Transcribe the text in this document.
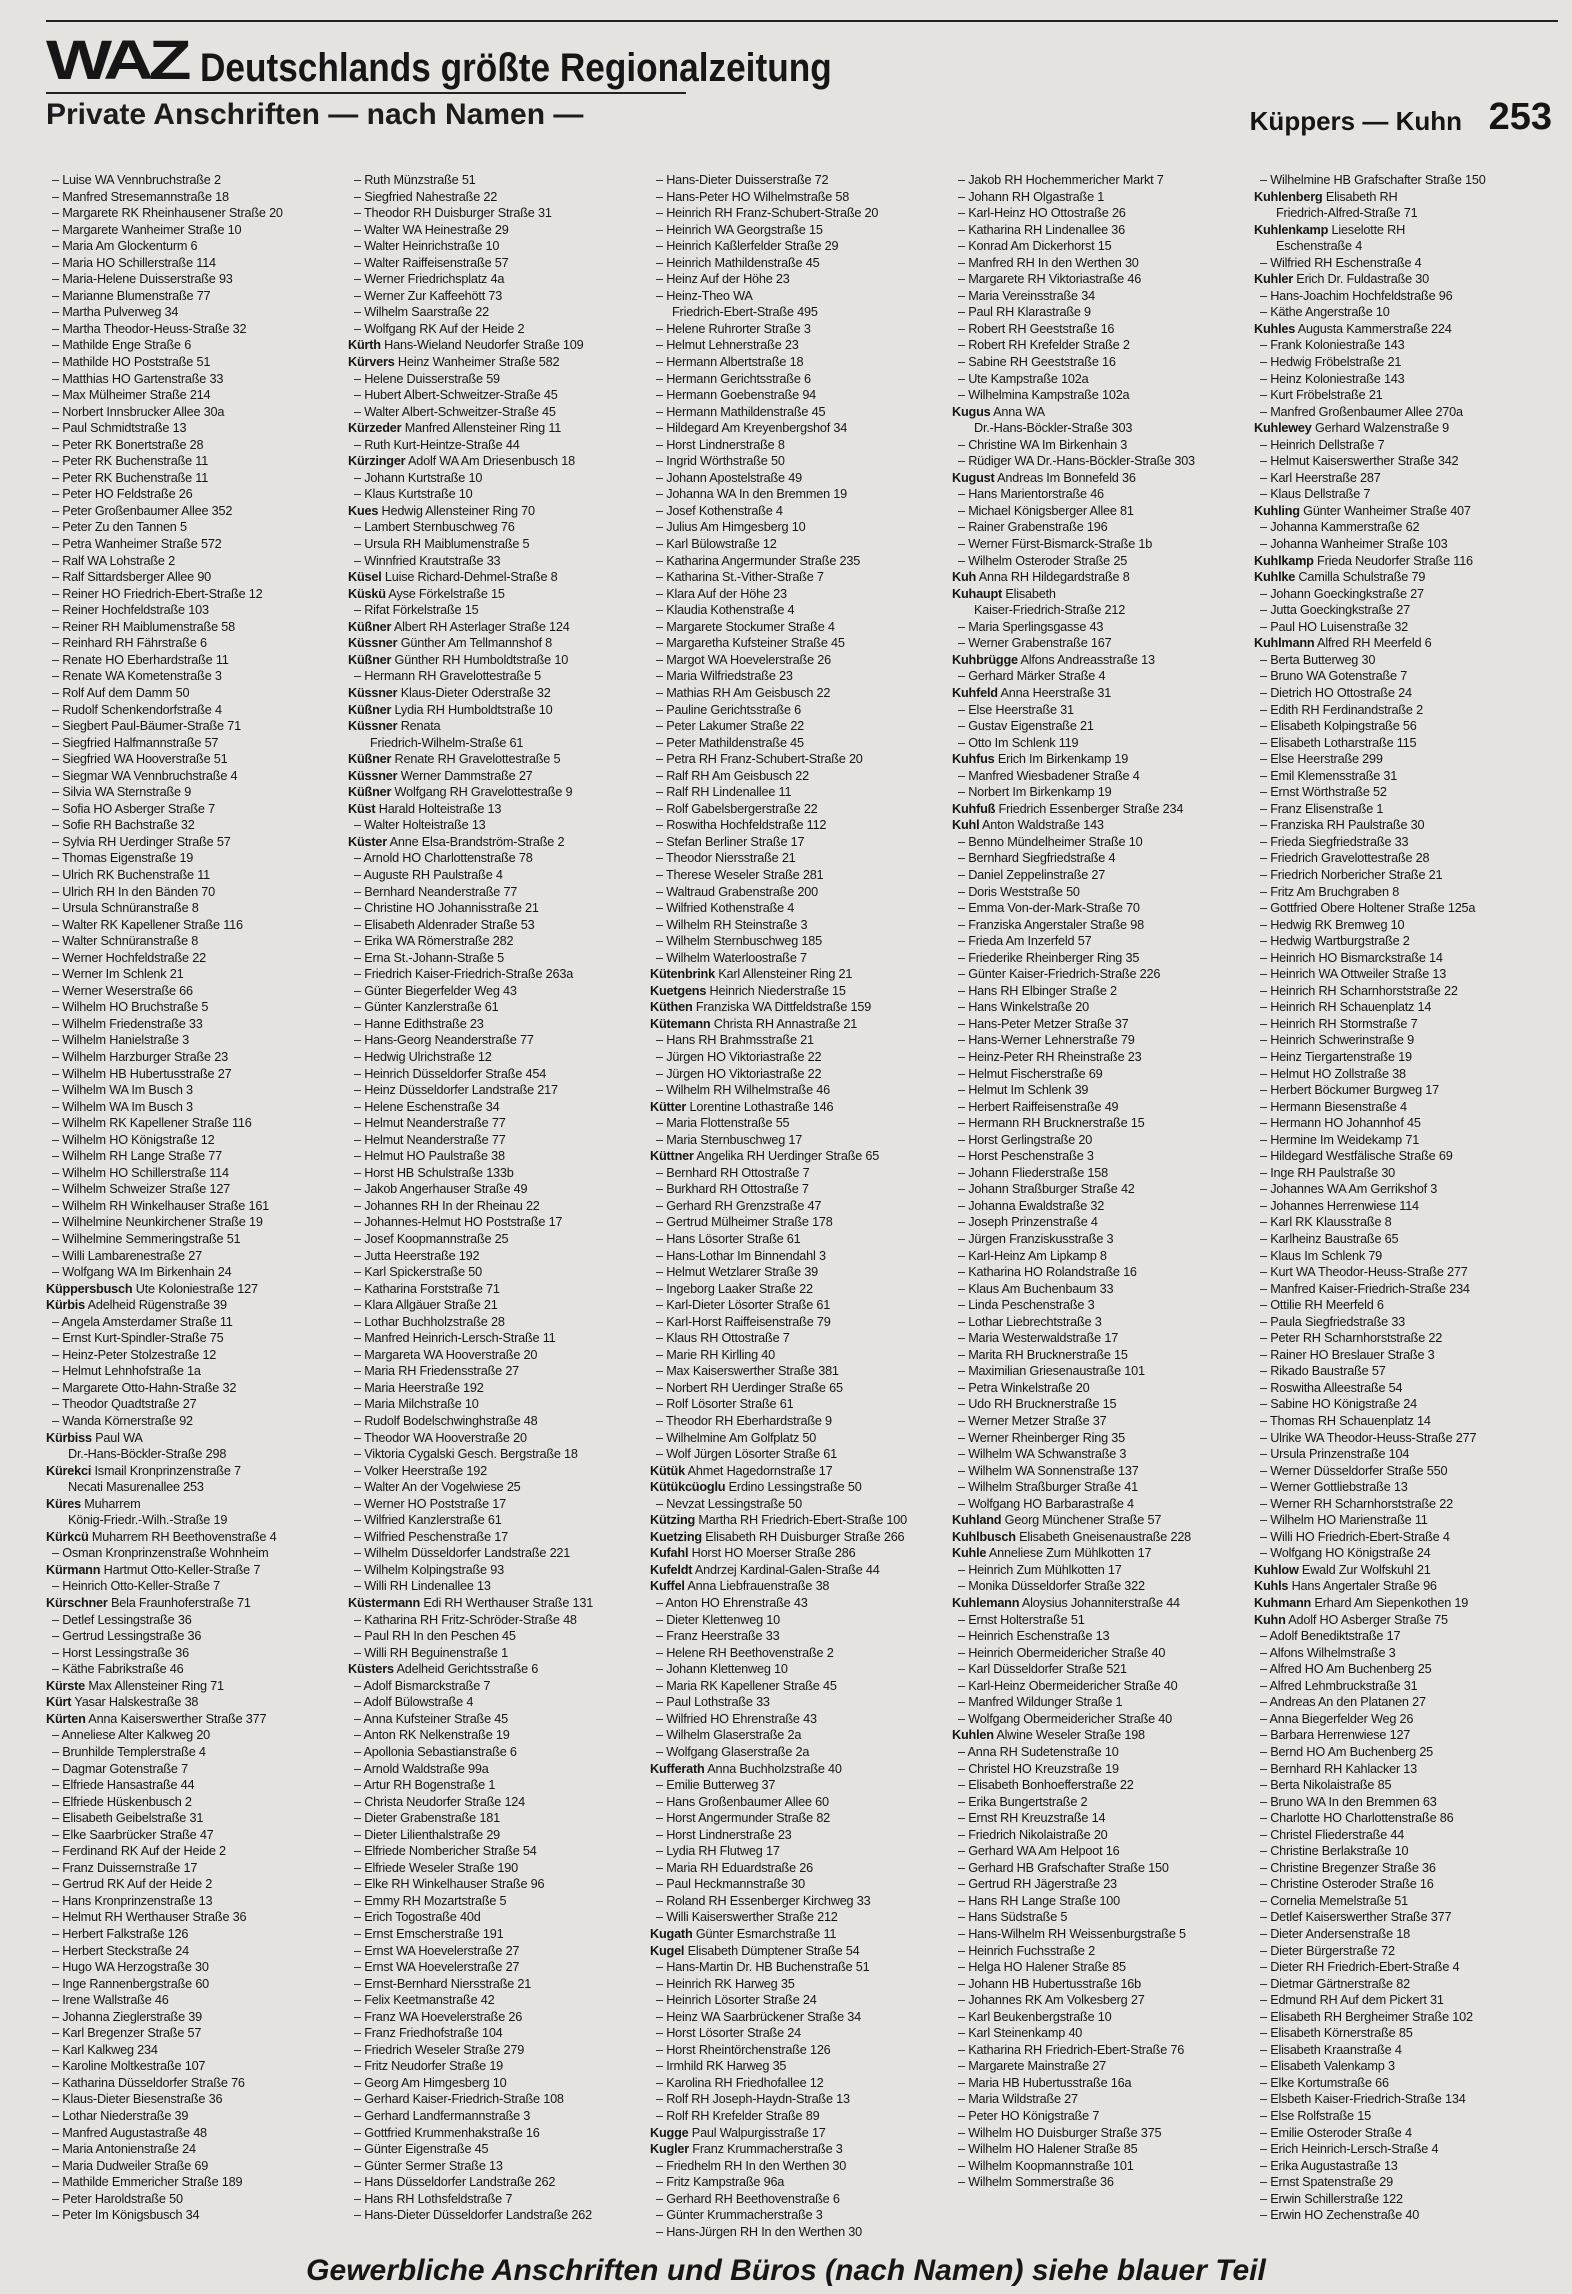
WAZ Deutschlands größte Regionalzeitung
Private Anschriften — nach Namen —	Küppers — Kuhn 253
– Luise WA Vennbruchstraße 2
– Manfred Stresemannstraße 18
– Margarete RK Rheinhausener Straße 20
– Margarete Wanheimer Straße 10
– Maria Am Glockenturm 6
– Maria HO Schillerstraße 114
– Maria-Helene Duisserstraße 93
– Marianne Blumenstraße 77
– Martha Pulverweg 34
– Martha Theodor-Heuss-Straße 32
– Mathilde Enge Straße 6
– Mathilde HO Poststraße 51
– Matthias HO Gartenstraße 33
– Max Mülheimer Straße 214
– Norbert Innsbrucker Allee 30a
– Paul Schmidtstraße 13
– Peter RK Bonertstraße 28
– Peter RK Buchenstraße 11
– Peter RK Buchenstraße 11
– Peter HO Feldstraße 26
– Peter Großenbaumer Allee 352
– Peter Zu den Tannen 5
– Petra Wanheimer Straße 572
– Ralf WA Lohstraße 2
– Ralf Sittardsberger Allee 90
– Reiner HO Friedrich-Ebert-Straße 12
– Reiner Hochfeldstraße 103
– Reiner RH Maiblumenstraße 58
– Reinhard RH Fährstraße 6
– Renate HO Eberhardstraße 11
– Renate WA Kometenstraße 3
– Rolf Auf dem Damm 50
– Rudolf Schenkendorfstraße 4
– Siegbert Paul-Bäumer-Straße 71
– Siegfried Halfmannstraße 57
– Siegfried WA Hooverstraße 51
– Siegmar WA Vennbruchstraße 4
– Silvia WA Sternstraße 9
– Sofia HO Asberger Straße 7
– Sofie RH Bachstraße 32
– Sylvia RH Uerdinger Straße 57
– Thomas Eigenstraße 19
– Ulrich RK Buchenstraße 11
– Ulrich RH In den Bänden 70
– Ursula Schnüranstraße 8
– Walter RK Kapellener Straße 116
– Walter Schnüranstraße 8
– Werner Hochfeldstraße 22
– Werner Im Schlenk 21
– Werner Weserstraße 66
– Wilhelm HO Bruchstraße 5
– Wilhelm Friedenstraße 33
– Wilhelm Hanielstraße 3
– Wilhelm Harzburger Straße 23
– Wilhelm HB Hubertusstraße 27
– Wilhelm WA Im Busch 3
– Wilhelm WA Im Busch 3
– Wilhelm RK Kapellener Straße 116
– Wilhelm HO Königstraße 12
– Wilhelm RH Lange Straße 77
– Wilhelm HO Schillerstraße 114
– Wilhelm Schweizer Straße 127
– Wilhelm RH Winkelhauser Straße 161
– Wilhelmine Neunkirchener Straße 19
– Wilhelmine Semmeringstraße 51
– Willi Lambarenestraße 27
– Wolfgang WA Im Birkenhain 24
Küppersbusch Ute Koloniestraße 127
Kürbis Adelheid Rügenstraße 39
– Angela Amsterdamer Straße 11
– Ernst Kurt-Spindler-Straße 75
– Heinz-Peter Stolzestraße 12
– Helmut Lehnhofstraße 1a
– Margarete Otto-Hahn-Straße 32
– Theodor Quadtstraße 27
– Wanda Körnerstraße 92
Kürbiss Paul WA
Dr.-Hans-Böckler-Straße 298
Kürekci Ismail Kronprinzenstraße 7
Necati Masurenallee 253
Küres Muharrem
König-Friedr.-Wilh.-Straße 19
Kürkcü Muharrem RH Beethovenstraße 4
– Osman Kronprinzenstraße Wohnheim
Kürmann Hartmut Otto-Keller-Straße 7
– Heinrich Otto-Keller-Straße 7
Kürschner Bela Fraunhoferstraße 71
– Detlef Lessingstraße 36
– Gertrud Lessingstraße 36
– Horst Lessingstraße 36
– Käthe Fabrikstraße 46
Kürste Max Allensteiner Ring 71
Kürt Yasar Halskestraße 38
Kürten Anna Kaiserswerther Straße 377
– Anneliese Alter Kalkweg 20
– Brunhilde Templerstraße 4
– Dagmar Gotenstraße 7
– Elfriede Hansastraße 44
– Elfriede Hüskenbusch 2
– Elisabeth Geibelstraße 31
– Elke Saarbrücker Straße 47
– Ferdinand RK Auf der Heide 2
– Franz Duissernstraße 17
– Gertrud RK Auf der Heide 2
– Hans Kronprinzenstraße 13
– Helmut RH Werthauser Straße 36
– Herbert Falkstraße 126
– Herbert Steckstraße 24
– Hugo WA Herzogstraße 30
– Inge Rannenbergstraße 60
– Irene Wallstraße 46
– Johanna Zieglerstraße 39
– Karl Bregenzer Straße 57
– Karl Kalkweg 234
– Karoline Moltkestraße 107
– Katharina Düsseldorfer Straße 76
– Klaus-Dieter Biesenstraße 36
– Lothar Niederstraße 39
– Manfred Augustastraße 48
– Maria Antonienstraße 24
– Maria Dudweiler Straße 69
– Mathilde Emmericher Straße 189
– Peter Haroldstraße 50
– Peter Im Königsbusch 34
– Ruth Münzstraße 51
– Siegfried Nahestraße 22
– Theodor RH Duisburger Straße 31
– Walter WA Heinestraße 29
– Walter Heinrichstraße 10
– Walter Raiffeisenstraße 57
– Werner Friedrichsplatz 4a
– Werner Zur Kaffeehött 73
– Wilhelm Saarstraße 22
– Wolfgang RK Auf der Heide 2
Kürth Hans-Wieland Neudorfer Straße 109
Kürvers Heinz Wanheimer Straße 582
– Helene Duisserstraße 59
– Hubert Albert-Schweitzer-Straße 45
– Walter Albert-Schweitzer-Straße 45
Kürzeder Manfred Allensteiner Ring 11
– Ruth Kurt-Heintze-Straße 44
Kürzinger Adolf WA Am Driesenbusch 18
– Johann Kurtstraße 10
– Klaus Kurtstraße 10
Kues Hedwig Allensteiner Ring 70
– Lambert Sternbuschweg 76
– Ursula RH Maiblumenstraße 5
– Winnfried Krautstraße 33
Küsel Luise Richard-Dehmel-Straße 8
Küskü Ayse Förkelstraße 15
– Rifat Förkelstraße 15
Küßner Albert RH Asterlager Straße 124
Küssner Günther Am Tellmannshof 8
Küßner Günther RH Humboldtstraße 10
– Hermann RH Gravelottestraße 5
Küssner Klaus-Dieter Oderstraße 32
Küßner Lydia RH Humboldtstraße 10
Küssner Renata
Friedrich-Wilhelm-Straße 61
Küßner Renate RH Gravelottestraße 5
Küssner Werner Dammstraße 27
Küßner Wolfgang RH Gravelottestraße 9
Küst Harald Holteistraße 13
– Walter Holteistraße 13
Küster Anne Elsa-Brandström-Straße 2
– Arnold HO Charlottenstraße 78
– Auguste RH Paulstraße 4
– Bernhard Neanderstraße 77
– Christine HO Johannisstraße 21
– Elisabeth Aldenrader Straße 53
– Erika WA Römerstraße 282
– Erna St.-Johann-Straße 5
– Friedrich Kaiser-Friedrich-Straße 263a
– Günter Biegerfelder Weg 43
– Günter Kanzlerstraße 61
– Hanne Edithstraße 23
– Hans-Georg Neanderstraße 77
– Hedwig Ulrichstraße 12
– Heinrich Düsseldorfer Straße 454
– Heinz Düsseldorfer Landstraße 217
– Helene Eschenstraße 34
– Helmut Neanderstraße 77
– Helmut Neanderstraße 77
– Helmut HO Paulstraße 38
– Horst HB Schulstraße 133b
– Jakob Angerhauser Straße 49
– Johannes RH In der Rheinau 22
– Johannes-Helmut HO Poststraße 17
– Josef Koopmannstraße 25
– Jutta Heerstraße 192
– Karl Spickerstraße 50
– Katharina Forststraße 71
– Klara Allgäuer Straße 21
– Lothar Buchholzstraße 28
– Manfred Heinrich-Lersch-Straße 11
– Margareta WA Hooverstraße 20
– Maria RH Friedensstraße 27
– Maria Heerstraße 192
– Maria Milchstraße 10
– Rudolf Bodelschwinghstraße 48
– Theodor WA Hooverstraße 20
– Viktoria Cygalski Gesch. Bergstraße 18
– Volker Heerstraße 192
– Walter An der Vogelwiese 25
– Werner HO Poststraße 17
– Wilfried Kanzlerstraße 61
– Wilfried Peschenstraße 17
– Wilhelm Düsseldorfer Landstraße 221
– Wilhelm Kolpingstraße 93
– Willi RH Lindenallee 13
Küstermann Edi RH Werthauser Straße 131
– Katharina RH Fritz-Schröder-Straße 48
– Paul RH In den Peschen 45
– Willi RH Beguinenstraße 1
Küsters Adelheid Gerichtsstraße 6
– Adolf Bismarckstraße 7
– Adolf Bülowstraße 4
– Anna Kufsteiner Straße 45
– Anton RK Nelkenstraße 19
– Apollonia Sebastianstraße 6
– Arnold Waldstraße 99a
– Artur RH Bogenstraße 1
– Christa Neudorfer Straße 124
– Dieter Grabenstraße 181
– Dieter Lilienthalstraße 29
– Elfriede Nombericher Straße 54
– Elfriede Weseler Straße 190
– Elke RH Winkelhauser Straße 96
– Emmy RH Mozartstraße 5
– Erich Togostraße 40d
– Ernst Emscherstraße 191
– Ernst WA Hoevelerstraße 27
– Ernst WA Hoevelerstraße 27
– Ernst-Bernhard Niersstraße 21
– Felix Keetmanstraße 42
– Franz WA Hoevelerstraße 26
– Franz Friedhofstraße 104
– Friedrich Weseler Straße 279
– Fritz Neudorfer Straße 19
– Georg Am Himgesberg 10
– Gerhard Kaiser-Friedrich-Straße 108
– Gerhard Landfermannstraße 3
– Gottfried Krummenhakstraße 16
– Günter Eigenstraße 45
– Günter Sermer Straße 13
– Hans Düsseldorfer Landstraße 262
– Hans RH Lothsfeldstraße 7
– Hans-Dieter Düsseldorfer Landstraße 262
– Hans-Dieter Duisserstraße 72
– Hans-Peter HO Wilhelmstraße 58
– Heinrich RH Franz-Schubert-Straße 20
– Heinrich WA Georgstraße 15
– Heinrich Kaßlerfelder Straße 29
– Heinrich Mathildenstraße 45
– Heinz Auf der Höhe 23
– Heinz-Theo WA
Friedrich-Ebert-Straße 495
– Helene Ruhrorter Straße 3
– Helmut Lehnerstraße 23
– Hermann Albertstraße 18
– Hermann Gerichtsstraße 6
– Hermann Goebenstraße 94
– Hermann Mathildenstraße 45
– Hildegard Am Kreyenbergshof 34
– Horst Lindnerstraße 8
– Ingrid Wörthstraße 50
– Johann Apostelstraße 49
– Johanna WA In den Bremmen 19
– Josef Kothenstraße 4
– Julius Am Himgesberg 10
– Karl Bülowstraße 12
– Katharina Angermunder Straße 235
– Katharina St.-Vither-Straße 7
– Klara Auf der Höhe 23
– Klaudia Kothenstraße 4
– Margarete Stockumer Straße 4
– Margaretha Kufsteiner Straße 45
– Margot WA Hoevelerstraße 26
– Maria Wilfriedstraße 23
– Mathias RH Am Geisbusch 22
– Pauline Gerichtsstraße 6
– Peter Lakumer Straße 22
– Peter Mathildenstraße 45
– Petra RH Franz-Schubert-Straße 20
– Ralf RH Am Geisbusch 22
– Ralf RH Lindenallee 11
– Rolf Gabelsbergerstraße 22
– Roswitha Hochfeldstraße 112
– Stefan Berliner Straße 17
– Theodor Niersstraße 21
– Therese Weseler Straße 281
– Waltraud Grabenstraße 200
– Wilfried Kothenstraße 4
– Wilhelm RH Steinstraße 3
– Wilhelm Sternbuschweg 185
– Wilhelm Waterloostraße 7
Kütenbrink Karl Allensteiner Ring 21
Kuetgens Heinrich Niederstraße 15
Küthen Franziska WA Dittfeldstraße 159
Kütemann Christa RH Annastraße 21
– Hans RH Brahmsstraße 21
– Jürgen HO Viktoriastraße 22
– Jürgen HO Viktoriastraße 22
– Wilhelm RH Wilhelmstraße 46
Kütter Lorentine Lothastraße 146
– Maria Flottenstraße 55
– Maria Sternbuschweg 17
Küttner Angelika RH Uerdinger Straße 65
– Bernhard RH Ottostraße 7
– Burkhard RH Ottostraße 7
– Gerhard RH Grenzstraße 47
– Gertrud Mülheimer Straße 178
– Hans Lösorter Straße 61
– Hans-Lothar Im Binnendahl 3
– Helmut Wetzlarer Straße 39
– Ingeborg Laaker Straße 22
– Karl-Dieter Lösorter Straße 61
– Karl-Horst Raiffeisenstraße 79
– Klaus RH Ottostraße 7
– Marie RH Kirlling 40
– Max Kaiserswerther Straße 381
– Norbert RH Uerdinger Straße 65
– Rolf Lösorter Straße 61
– Theodor RH Eberhardstraße 9
– Wilhelmine Am Golfplatz 50
– Wolf Jürgen Lösorter Straße 61
Kütük Ahmet Hagedornstraße 17
Kütükcüoglu Erdino Lessingstraße 50
– Nevzat Lessingstraße 50
Kützing Martha RH Friedrich-Ebert-Straße 100
Kuetzing Elisabeth RH Duisburger Straße 266
Kufahl Horst HO Moerser Straße 286
Kufeldt Andrzej Kardinal-Galen-Straße 44
Kuffel Anna Liebfrauenstraße 38
– Anton HO Ehrenstraße 43
– Dieter Klettenweg 10
– Franz Heerstraße 33
– Helene RH Beethovenstraße 2
– Johann Klettenweg 10
– Maria RK Kapellener Straße 45
– Paul Lothstraße 33
– Wilfried HO Ehrenstraße 43
– Wilhelm Glaserstraße 2a
– Wolfgang Glaserstraße 2a
Kufferath Anna Buchholzstraße 40
– Emilie Butterweg 37
– Hans Großenbaumer Allee 60
– Horst Angermunder Straße 82
– Horst Lindnerstraße 23
– Lydia RH Flutweg 17
– Maria RH Eduardstraße 26
– Paul Heckmannstraße 30
– Roland RH Essenberger Kirchweg 33
– Willi Kaiserswerther Straße 212
Kugath Günter Esmarchstraße 11
Kugel Elisabeth Dümptener Straße 54
– Hans-Martin Dr. HB Buchenstraße 51
– Heinrich RK Harweg 35
– Heinrich Lösorter Straße 24
– Heinz WA Saarbrückener Straße 34
– Horst Lösorter Straße 24
– Horst Rheintörchenstraße 126
– Irmhild RK Harweg 35
– Karolina RH Friedhofallee 12
– Rolf RH Joseph-Haydn-Straße 13
– Rolf RH Krefelder Straße 89
Kugge Paul Walpurgisstraße 17
Kugler Franz Krummacherstraße 3
– Friedhelm RH In den Werthen 30
– Fritz Kampstraße 96a
– Gerhard RH Beethovenstraße 6
– Günter Krummacherstraße 3
– Hans-Jürgen RH In den Werthen 30
– Jakob RH Hochemmericher Markt 7
– Johann RH Olgastraße 1
– Karl-Heinz HO Ottostraße 26
– Katharina RH Lindenallee 36
– Konrad Am Dickerhorst 15
– Manfred RH In den Werthen 30
– Margarete RH Viktoriastraße 46
– Maria Vereinsstraße 34
– Paul RH Klarastraße 9
– Robert RH Geeststraße 16
– Robert RH Krefelder Straße 2
– Sabine RH Geeststraße 16
– Ute Kampstraße 102a
– Wilhelmina Kampstraße 102a
Kugus Anna WA
Dr.-Hans-Böckler-Straße 303
– Christine WA Im Birkenhain 3
– Rüdiger WA Dr.-Hans-Böckler-Straße 303
Kugust Andreas Im Bonnefeld 36
– Hans Marientorstraße 46
– Michael Königsberger Allee 81
– Rainer Grabenstraße 196
– Werner Fürst-Bismarck-Straße 1b
– Wilhelm Osteroder Straße 25
Kuh Anna RH Hildegardstraße 8
Kuhaupt Elisabeth
Kaiser-Friedrich-Straße 212
– Maria Sperlingsgasse 43
– Werner Grabenstraße 167
Kuhbrügge Alfons Andreasstraße 13
– Gerhard Märker Straße 4
Kuhfeld Anna Heerstraße 31
– Else Heerstraße 31
– Gustav Eigenstraße 21
– Otto Im Schlenk 119
Kuhfus Erich Im Birkenkamp 19
– Manfred Wiesbadener Straße 4
– Norbert Im Birkenkamp 19
Kuhfuß Friedrich Essenberger Straße 234
Kuhl Anton Waldstraße 143
– Benno Mündelheimer Straße 10
– Bernhard Siegfriedstraße 4
– Daniel Zeppelinstraße 27
– Doris Weststraße 50
– Emma Von-der-Mark-Straße 70
– Franziska Angerstaler Straße 98
– Frieda Am Inzerfeld 57
– Friederike Rheinberger Ring 35
– Günter Kaiser-Friedrich-Straße 226
– Hans RH Elbinger Straße 2
– Hans Winkelstraße 20
– Hans-Peter Metzer Straße 37
– Hans-Werner Lehnerstraße 79
– Heinz-Peter RH Rheinstraße 23
– Helmut Fischerstraße 69
– Helmut Im Schlenk 39
– Herbert Raiffeisenstraße 49
– Hermann RH Brucknerstraße 15
– Horst Gerlingstraße 20
– Horst Peschenstraße 3
– Johann Fliederstraße 158
– Johann Straßburger Straße 42
– Johanna Ewaldstraße 32
– Joseph Prinzenstraße 4
– Jürgen Franziskusstraße 3
– Karl-Heinz Am Lipkamp 8
– Katharina HO Rolandstraße 16
– Klaus Am Buchenbaum 33
– Linda Peschenstraße 3
– Lothar Liebrechtstraße 3
– Maria Westerwaldstraße 17
– Marita RH Brucknerstraße 15
– Maximilian Griesenaustraße 101
– Petra Winkelstraße 20
– Udo RH Brucknerstraße 15
– Werner Metzer Straße 37
– Werner Rheinberger Ring 35
– Wilhelm WA Schwanstraße 3
– Wilhelm WA Sonnenstraße 137
– Wilhelm Straßburger Straße 41
– Wolfgang HO Barbarastraße 4
Kuhland Georg Münchener Straße 57
Kuhlbusch Elisabeth Gneisenaustraße 228
Kuhle Anneliese Zum Mühlkotten 17
– Heinrich Zum Mühlkotten 17
– Monika Düsseldorfer Straße 322
Kuhlemann Aloysius Johanniterstraße 44
– Ernst Holterstraße 51
– Heinrich Eschenstraße 13
– Heinrich Obermeidericher Straße 40
– Karl Düsseldorfer Straße 521
– Karl-Heinz Obermeidericher Straße 40
– Manfred Wildunger Straße 1
– Wolfgang Obermeidericher Straße 40
Kuhlen Alwine Weseler Straße 198
– Anna RH Sudetenstraße 10
– Christel HO Kreuzstraße 19
– Elisabeth Bonhoefferstraße 22
– Erika Bungertstraße 2
– Ernst RH Kreuzstraße 14
– Friedrich Nikolaistraße 20
– Gerhard WA Am Helpoot 16
– Gerhard HB Grafschafter Straße 150
– Gertrud RH Jägerstraße 23
– Hans RH Lange Straße 100
– Hans Südstraße 5
– Hans-Wilhelm RH Weissenburgstraße 5
– Heinrich Fuchsstraße 2
– Helga HO Halener Straße 85
– Johann HB Hubertusstraße 16b
– Johannes RK Am Volkesberg 27
– Karl Beukenbergstraße 10
– Karl Steinenkamp 40
– Katharina RH Friedrich-Ebert-Straße 76
– Margarete Mainstraße 27
– Maria HB Hubertusstraße 16a
– Maria Wildstraße 27
– Peter HO Königstraße 7
– Wilhelm HO Duisburger Straße 375
– Wilhelm HO Halener Straße 85
– Wilhelm Koopmannstraße 101
– Wilhelm Sommerstraße 36
– Wilhelmine HB Grafschafter Straße 150
Kuhlenberg Elisabeth RH
Friedrich-Alfred-Straße 71
Kuhlenkamp Lieselotte RH
Eschenstraße 4
– Wilfried RH Eschenstraße 4
Kuhler Erich Dr. Fuldastraße 30
– Hans-Joachim Hochfeldstraße 96
– Käthe Angerstraße 10
Kuhles Augusta Kammerstraße 224
– Frank Koloniestraße 143
– Hedwig Fröbelstraße 21
– Heinz Koloniestraße 143
– Kurt Fröbelstraße 21
– Manfred Großenbaumer Allee 270a
Kuhlewey Gerhard Walzenstraße 9
– Heinrich Dellstraße 7
– Helmut Kaiserswerther Straße 342
– Karl Heerstraße 287
– Klaus Dellstraße 7
Kuhling Günter Wanheimer Straße 407
– Johanna Kammerstraße 62
– Johanna Wanheimer Straße 103
Kuhlkamp Frieda Neudorfer Straße 116
Kuhlke Camilla Schulstraße 79
– Johann Goeckingkstraße 27
– Jutta Goeckingkstraße 27
– Paul HO Luisenstraße 32
Kuhlmann Alfred RH Meerfeld 6
– Berta Butterweg 30
– Bruno WA Gotenstraße 7
– Dietrich HO Ottostraße 24
– Edith RH Ferdinandstraße 2
– Elisabeth Kolpingstraße 56
– Elisabeth Lotharstraße 115
– Else Heerstraße 299
– Emil Klemensstraße 31
– Ernst Wörthstraße 52
– Franz Elisenstraße 1
– Franziska RH Paulstraße 30
– Frieda Siegfriedstraße 33
– Friedrich Gravelottestraße 28
– Friedrich Norbericher Straße 21
– Fritz Am Bruchgraben 8
– Gottfried Obere Holtener Straße 125a
– Hedwig RK Bremweg 10
– Hedwig Wartburgstraße 2
– Heinrich HO Bismarckstraße 14
– Heinrich WA Ottweiler Straße 13
– Heinrich RH Scharnhorststraße 22
– Heinrich RH Schauenplatz 14
– Heinrich RH Stormstraße 7
– Heinrich Schwerinstraße 9
– Heinz Tiergartenstraße 19
– Helmut HO Zollstraße 38
– Herbert Böckumer Burgweg 17
– Hermann Biesenstraße 4
– Hermann HO Johannhof 45
– Hermine Im Weidekamp 71
– Hildegard Westfälische Straße 69
– Inge RH Paulstraße 30
– Johannes WA Am Gerrikshof 3
– Johannes Herrenwiese 114
– Karl RK Klausstraße 8
– Karlheinz Baustraße 65
– Klaus Im Schlenk 79
– Kurt WA Theodor-Heuss-Straße 277
– Manfred Kaiser-Friedrich-Straße 234
– Ottilie RH Meerfeld 6
– Paula Siegfriedstraße 33
– Peter RH Scharnhorststraße 22
– Rainer HO Breslauer Straße 3
– Rikado Baustraße 57
– Roswitha Alleestraße 54
– Sabine HO Königstraße 24
– Thomas RH Schauenplatz 14
– Ulrike WA Theodor-Heuss-Straße 277
– Ursula Prinzenstraße 104
– Werner Düsseldorfer Straße 550
– Werner Gottliebstraße 13
– Werner RH Scharnhorststraße 22
– Wilhelm HO Marienstraße 11
– Willi HO Friedrich-Ebert-Straße 4
– Wolfgang HO Königstraße 24
Kuhlow Ewald Zur Wolfskuhl 21
Kuhls Hans Angertaler Straße 96
Kuhmann Erhard Am Siepenkothen 19
Kuhn Adolf HO Asberger Straße 75
– Adolf Benediktstraße 17
– Alfons Wilhelmstraße 3
– Alfred HO Am Buchenberg 25
– Alfred Lehmbruckstraße 31
– Andreas An den Platanen 27
– Anna Biegerfelder Weg 26
– Barbara Herrenwiese 127
– Bernd HO Am Buchenberg 25
– Bernhard RH Kahlacker 13
– Berta Nikolaistraße 85
– Bruno WA In den Bremmen 63
– Charlotte HO Charlottenstraße 86
– Christel Fliederstraße 44
– Christine Berlakstraße 10
– Christine Bregenzer Straße 36
– Christine Osteroder Straße 16
– Cornelia Memelstraße 51
– Detlef Kaiserswerther Straße 377
– Dieter Andersenstraße 18
– Dieter Bürgerstraße 72
– Dieter RH Friedrich-Ebert-Straße 4
– Dietmar Gärtnerstraße 82
– Edmund RH Auf dem Pickert 31
– Elisabeth RH Bergheimer Straße 102
– Elisabeth Körnerstraße 85
– Elisabeth Kraanstraße 4
– Elisabeth Valenkamp 3
– Elke Kortumstraße 66
– Elsbeth Kaiser-Friedrich-Straße 134
– Else Rolfstraße 15
– Emilie Osteroder Straße 4
– Erich Heinrich-Lersch-Straße 4
– Erika Augustastraße 13
– Ernst Spatenstraße 29
– Erwin Schillerstraße 122
– Erwin HO Zechenstraße 40
Gewerbliche Anschriften und Büros (nach Namen) siehe blauer Teil
